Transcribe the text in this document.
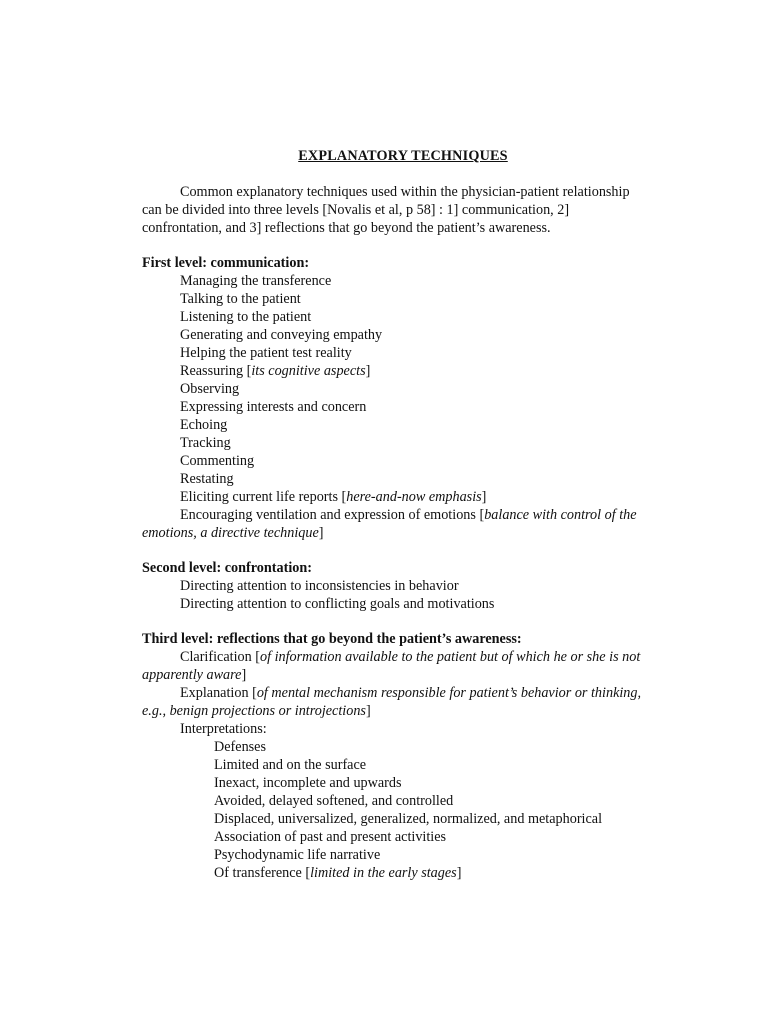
EXPLANATORY TECHNIQUES

Common explanatory techniques used within the physician-patient relationship can be divided into three levels [Novalis et al, p 58] : 1] communication, 2] confrontation, and 3] reflections that go beyond the patient’s awareness.

First level: communication:

Managing the transference
Talking to the patient
Listening to the patient
Generating and conveying empathy
Helping the patient test reality
Reassuring [its cognitive aspects]
Observing
Expressing interests and concern
Echoing
Tracking
Commenting
Restating
Eliciting current life reports [here-and-now emphasis]
Encouraging ventilation and expression of emotions [balance with control of the emotions, a directive technique]

Second level: confrontation:

Directing attention to inconsistencies in behavior
Directing attention to conflicting goals and motivations

Third level: reflections that go beyond the patient’s awareness:

Clarification [of information available to the patient but of which he or she is not apparently aware]
Explanation [of mental mechanism responsible for patient’s behavior or thinking, e.g., benign projections or introjections]
Interpretations:
Defenses
Limited and on the surface
Inexact, incomplete and upwards
Avoided, delayed softened, and controlled
Displaced, universalized, generalized, normalized, and metaphorical
Association of past and present activities
Psychodynamic life narrative
Of transference [limited in the early stages]
